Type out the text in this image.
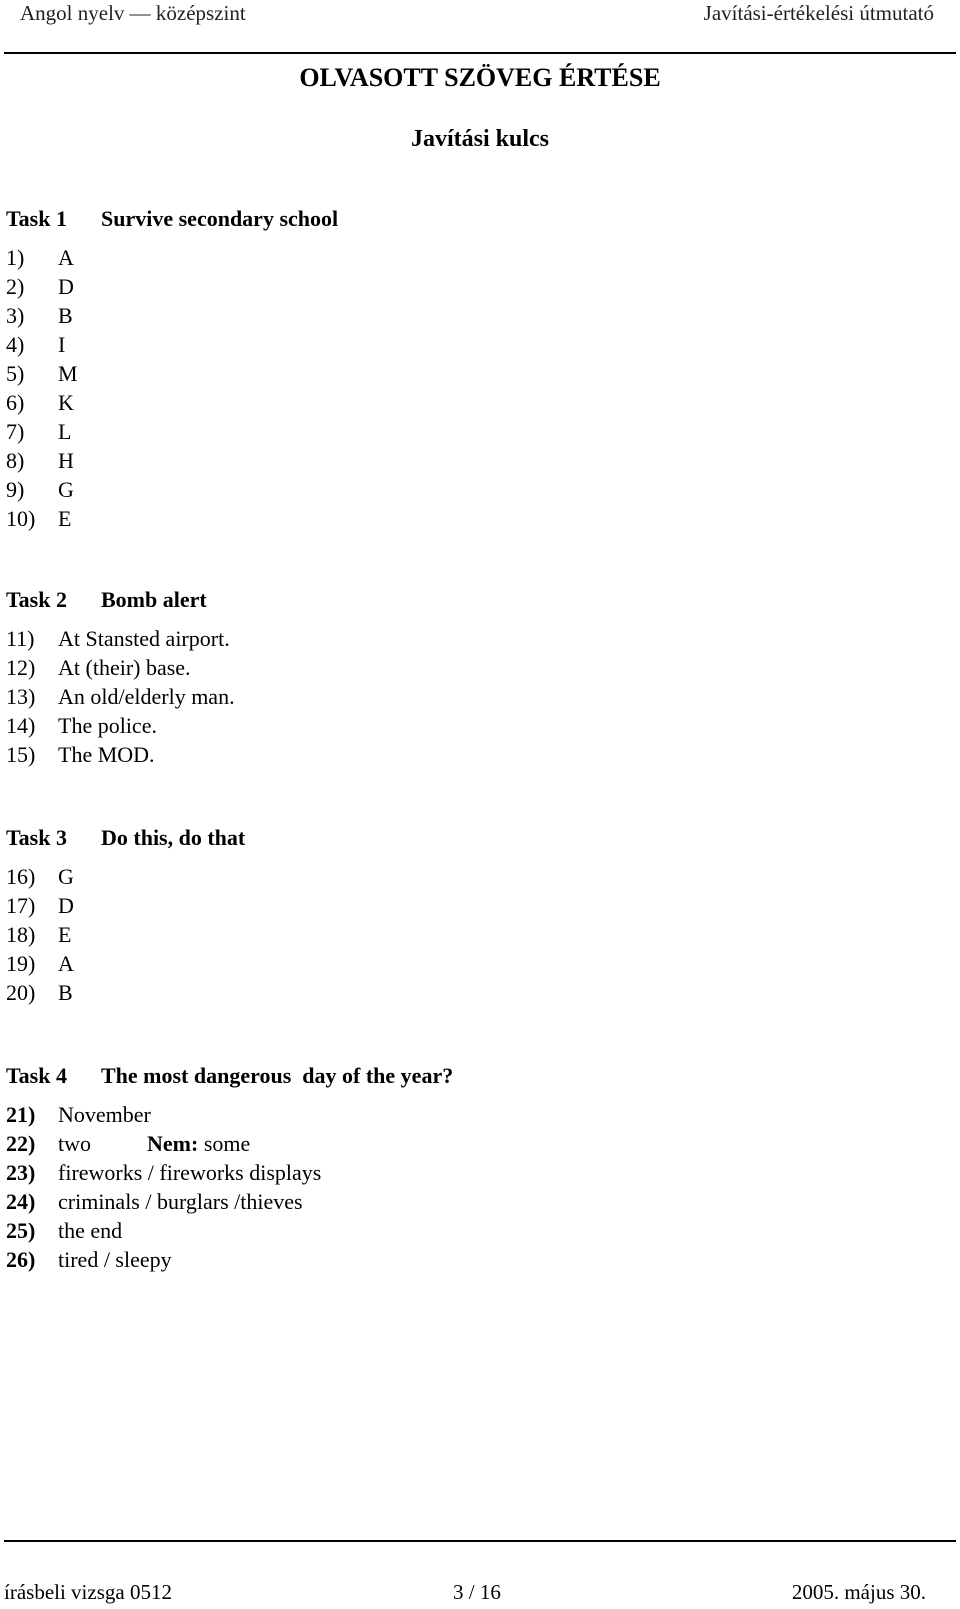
Angol nyelv — középszint	Javítási-értékelési útmutató
OLVASOTT SZÖVEG ÉRTÉSE
Javítási kulcs
Task 1 Survive secondary school
1) A
2) D
3) B
4) I
5) M
6) K
7) L
8) H
9) G
10) E
Task 2 Bomb alert
11) At Stansted airport.
12) At (their) base.
13) An old/elderly man.
14) The police.
15) The MOD.
Task 3 Do this, do that
16) G
17) D
18) E
19) A
20) B
Task 4 The most dangerous  day of the year?
21) November
22) two	Nem: some
23) fireworks / fireworks displays
24) criminals / burglars /thieves
25) the end
26) tired / sleepy
írásbeli vizsga 0512	3 / 16	2005. május 30.
